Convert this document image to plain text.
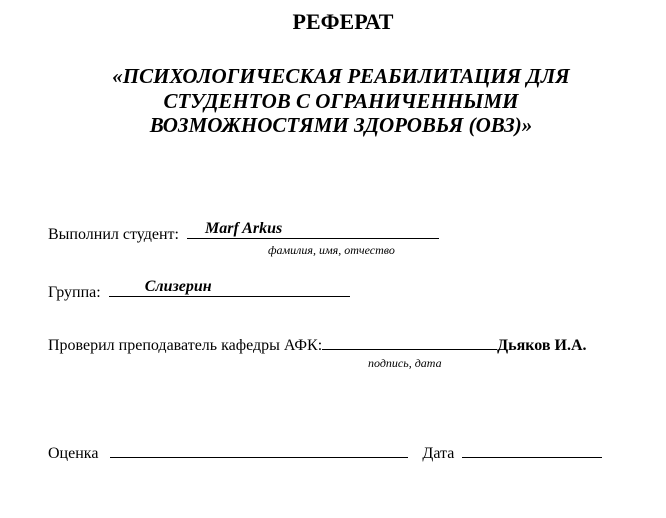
РЕФЕРАТ
«ПСИХОЛОГИЧЕСКАЯ РЕАБИЛИТАЦИЯ ДЛЯ
СТУДЕНТОВ С ОГРАНИЧЕННЫМИ
ВОЗМОЖНОСТЯМИ ЗДОРОВЬЯ (ОВЗ)»
Выполнил студент: Marf Arkus
фамилия, имя, отчество
Группа:	Слизерин
Проверил преподаватель кафедры АФК:	Дьяков И.А.
подпись, дата
Оценка	Дата
